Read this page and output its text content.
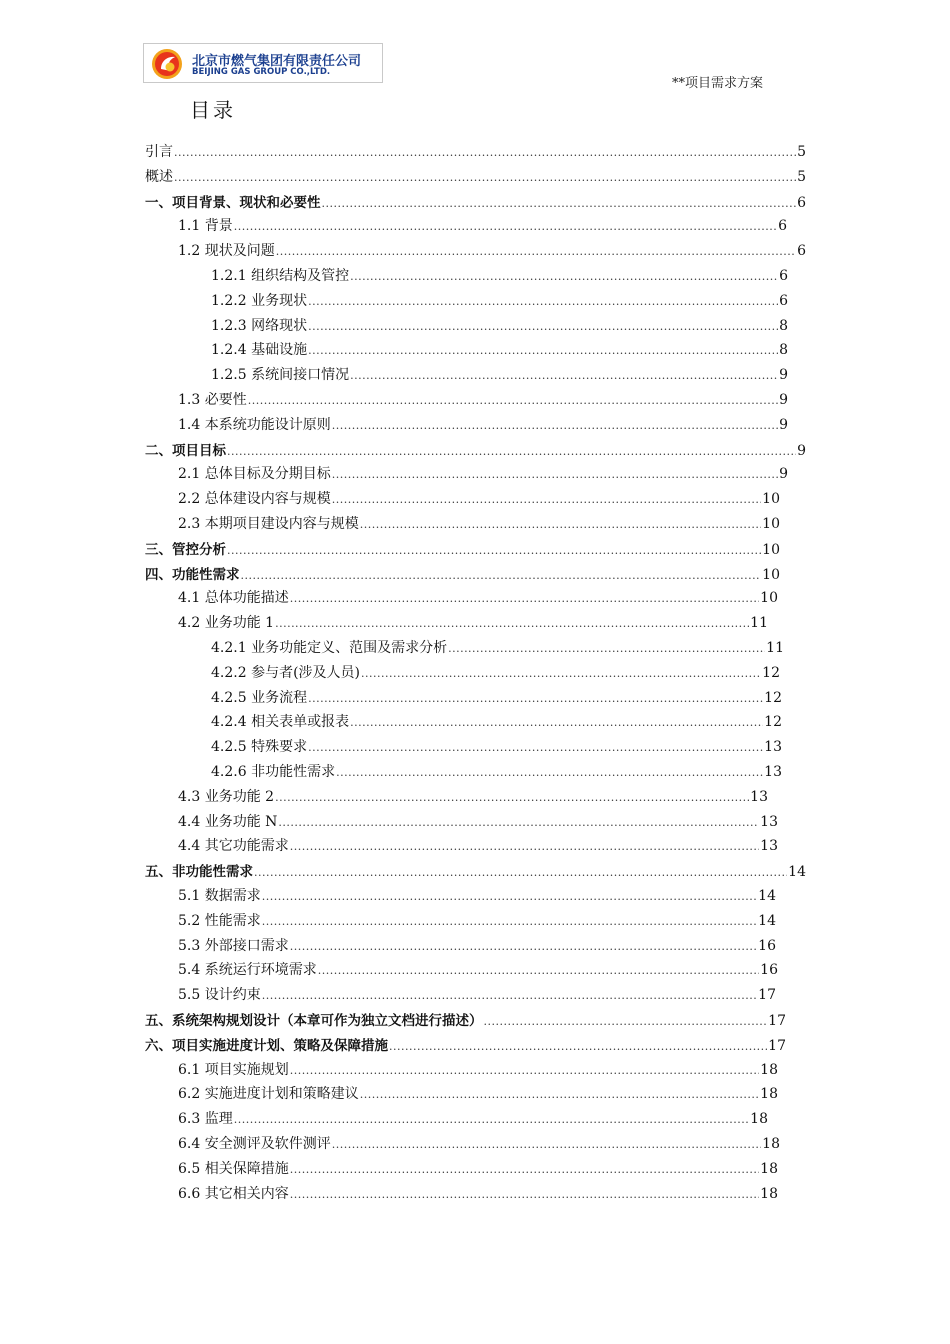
北京市燃气集团有限责任公司
BEIJING GAS GROUP CO.,LTD.
**项目需求方案
目录
引言 .....	5
概述 .....	5
一、项目背景、现状和必要性 .....	6
1.1 背景 .....	6
1.2 现状及问题 .....	6
1.2.1 组织结构及管控 .....	6
1.2.2 业务现状 .....	6
1.2.3 网络现状 .....	8
1.2.4 基础设施 .....	8
1.2.5 系统间接口情况 .....	9
1.3 必要性 .....	9
1.4 本系统功能设计原则 .....	9
二、项目目标 .....	9
2.1 总体目标及分期目标 .....	9
2.2 总体建设内容与规模 .....	10
2.3 本期项目建设内容与规模 .....	10
三、管控分析 .....	10
四、功能性需求 .....	10
4.1 总体功能描述 .....	10
4.2 业务功能 1 .....	11
4.2.1 业务功能定义、范围及需求分析 .....	11
4.2.2 参与者(涉及人员) .....	12
4.2.5 业务流程 .....	12
4.2.4 相关表单或报表 .....	12
4.2.5 特殊要求 .....	13
4.2.6 非功能性需求 .....	13
4.3 业务功能 2 .....	13
4.4 业务功能 N .....	13
4.4 其它功能需求 .....	13
五、非功能性需求 .....	14
5.1 数据需求 .....	14
5.2 性能需求 .....	14
5.3 外部接口需求 .....	16
5.4 系统运行环境需求 .....	16
5.5 设计约束 .....	17
五、系统架构规划设计（本章可作为独立文档进行描述） .....	17
六、项目实施进度计划、策略及保障措施 .....	17
6.1 项目实施规划 .....	18
6.2 实施进度计划和策略建议 .....	18
6.3 监理 .....	18
6.4 安全测评及软件测评 .....	18
6.5 相关保障措施 .....	18
6.6 其它相关内容 .....	18
